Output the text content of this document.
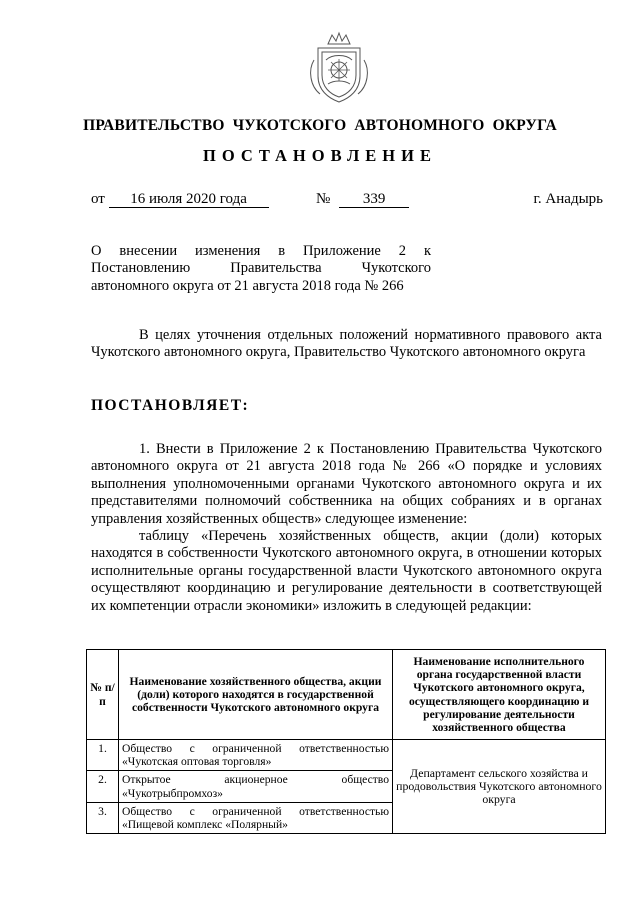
ПРАВИТЕЛЬСТВО ЧУКОТСКОГО АВТОНОМНОГО ОКРУГА
ПОСТАНОВЛЕНИЕ
от 16 июля 2020 года	№ 339	г. Анадырь
О внесении изменения в Приложение 2 к Постановлению Правительства Чукотского автономного округа от 21 августа 2018 года № 266

В целях уточнения отдельных положений нормативного правового акта Чукотского автономного округа, Правительство Чукотского автономного округа

ПОСТАНОВЛЯЕТ:

1. Внести в Приложение 2 к Постановлению Правительства Чукотского автономного округа от 21 августа 2018 года № 266 «О порядке и условиях выполнения уполномоченными органами Чукотского автономного округа и их представителями полномочий собственника на общих собраниях и в органах управления хозяйственных обществ» следующее изменение:

таблицу «Перечень хозяйственных обществ, акции (доли) которых находятся в собственности Чукотского автономного округа, в отношении которых исполнительные органы государственной власти Чукотского автономного округа осуществляют координацию и регулирование деятельности в соответствующей их компетенции отрасли экономики» изложить в следующей редакции:

№ п/п	Наименование хозяйственного общества, акции (доли) которого находятся в государственной собственности Чукотского автономного округа	Наименование исполнительного органа государственной власти Чукотского автономного округа, осуществляющего координацию и регулирование деятельности хозяйственного общества
1.	Общество с ограниченной ответственностью «Чукотская оптовая торговля»	Департамент сельского хозяйства и продовольствия Чукотского автономного округа
2.	Открытое акционерное общество «Чукотрыбпромхоз»	
3.	Общество с ограниченной ответственностью «Пищевой комплекс «Полярный»	
